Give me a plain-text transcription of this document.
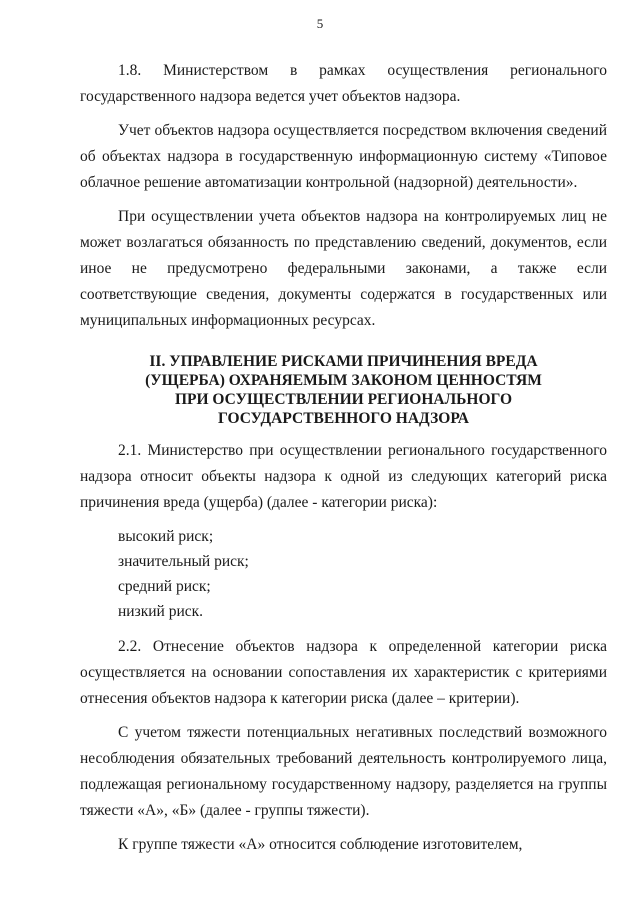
5

1.8. Министерством в рамках осуществления регионального государственного надзора ведется учет объектов надзора.

Учет объектов надзора осуществляется посредством включения сведений об объектах надзора в государственную информационную систему «Типовое облачное решение автоматизации контрольной (надзорной) деятельности».

При осуществлении учета объектов надзора на контролируемых лиц не может возлагаться обязанность по представлению сведений, документов, если иное не предусмотрено федеральными законами, а также если соответствующие сведения, документы содержатся в государственных или муниципальных информационных ресурсах.

II. УПРАВЛЕНИЕ РИСКАМИ ПРИЧИНЕНИЯ ВРЕДА (УЩЕРБА) ОХРАНЯЕМЫМ ЗАКОНОМ ЦЕННОСТЯМ ПРИ ОСУЩЕСТВЛЕНИИ РЕГИОНАЛЬНОГО ГОСУДАРСТВЕННОГО НАДЗОРА

2.1. Министерство при осуществлении регионального государственного надзора относит объекты надзора к одной из следующих категорий риска причинения вреда (ущерба) (далее - категории риска):

высокий риск;
значительный риск;
средний риск;
низкий риск.

2.2. Отнесение объектов надзора к определенной категории риска осуществляется на основании сопоставления их характеристик с критериями отнесения объектов надзора к категории риска (далее – критерии).

С учетом тяжести потенциальных негативных последствий возможного несоблюдения обязательных требований деятельность контролируемого лица, подлежащая региональному государственному надзору, разделяется на группы тяжести «А», «Б» (далее - группы тяжести).

К группе тяжести «А» относится соблюдение изготовителем,
